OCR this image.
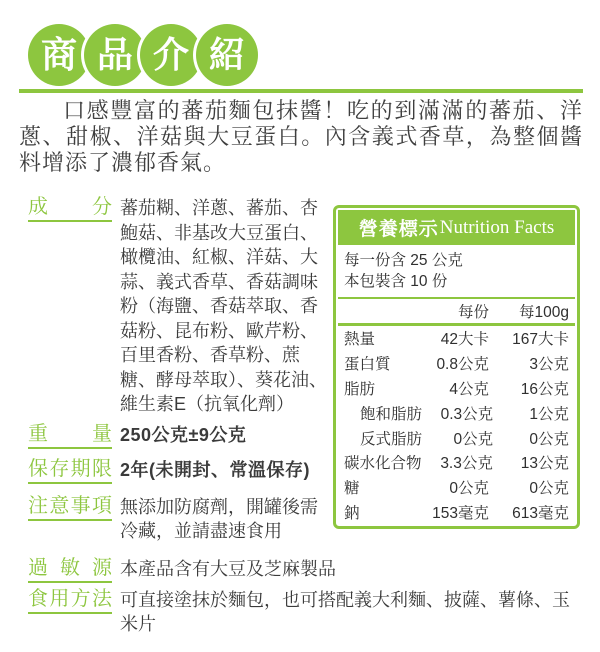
商 品 介 紹

口感豐富的蕃茄麵包抹醬！吃的到滿滿的蕃茄、洋蔥、甜椒、洋菇與大豆蛋白。內含義式香草，為整個醬料增添了濃郁香氣。

成分 蕃茄糊、洋蔥、蕃茄、杏鮑菇、非基改大豆蛋白、橄欖油、紅椒、洋菇、大蒜、義式香草、香菇調味粉（海鹽、香菇萃取、香菇粉、昆布粉、歐芹粉、百里香粉、香草粉、蔗糖、酵母萃取）、葵花油、維生素E（抗氧化劑）
重量 250公克±9公克
保存期限 2年(未開封、常溫保存)
注意事項 無添加防腐劑，開罐後需冷藏，並請盡速食用
過敏源 本產品含有大豆及芝麻製品
食用方法 可直接塗抹於麵包，也可搭配義大利麵、披薩、薯條、玉米片
營養標示 Nutrition Facts
每一份含 25 公克
本包裝含 10 份
每份	每100g
熱量	42大卡	167大卡
蛋白質	0.8公克	3公克
脂肪	4公克	16公克
飽和脂肪	0.3公克	1公克
反式脂肪	0公克	0公克
碳水化合物	3.3公克	13公克
糖	0公克	0公克
鈉	153毫克	613毫克
